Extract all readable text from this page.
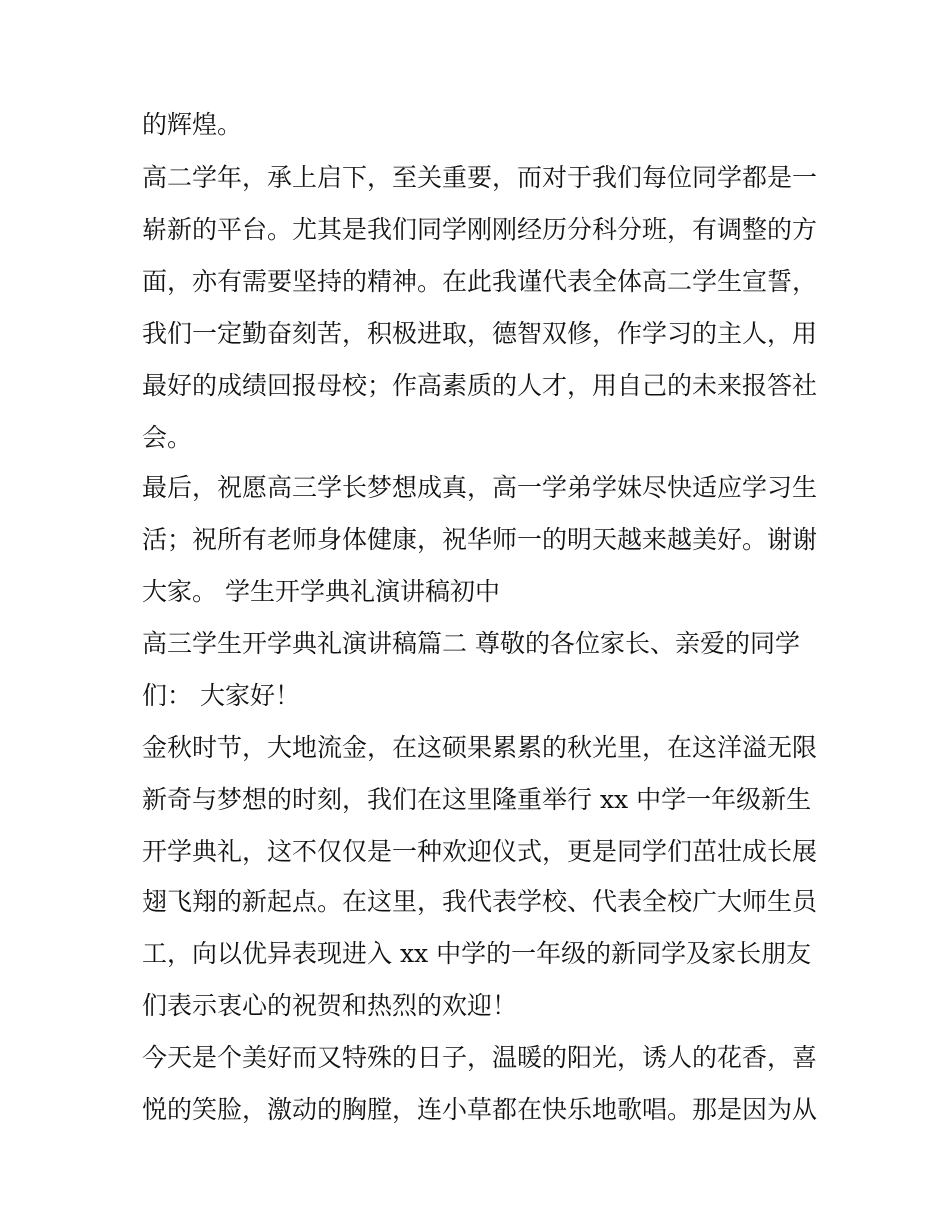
的辉煌。
高二学年，承上启下，至关重要，而对于我们每位同学都是一
崭新的平台。尤其是我们同学刚刚经历分科分班，有调整的方
面，亦有需要坚持的精神。在此我谨代表全体高二学生宣誓，
我们一定勤奋刻苦，积极进取，德智双修，作学习的主人，用
最好的成绩回报母校；作高素质的人才，用自己的未来报答社
会。
最后，祝愿高三学长梦想成真，高一学弟学妹尽快适应学习生
活；祝所有老师身体健康，祝华师一的明天越来越美好。谢谢
大家。 学生开学典礼演讲稿初中
高三学生开学典礼演讲稿篇二 尊敬的各位家长、亲爱的同学
们： 大家好！
金秋时节，大地流金，在这硕果累累的秋光里，在这洋溢无限
新奇与梦想的时刻，我们在这里隆重举行 xx 中学一年级新生
开学典礼，这不仅仅是一种欢迎仪式，更是同学们茁壮成长展
翅飞翔的新起点。在这里，我代表学校、代表全校广大师生员
工，向以优异表现进入 xx 中学的一年级的新同学及家长朋友
们表示衷心的祝贺和热烈的欢迎！
今天是个美好而又特殊的日子，温暖的阳光，诱人的花香，喜
悦的笑脸，激动的胸膛，连小草都在快乐地歌唱。那是因为从
